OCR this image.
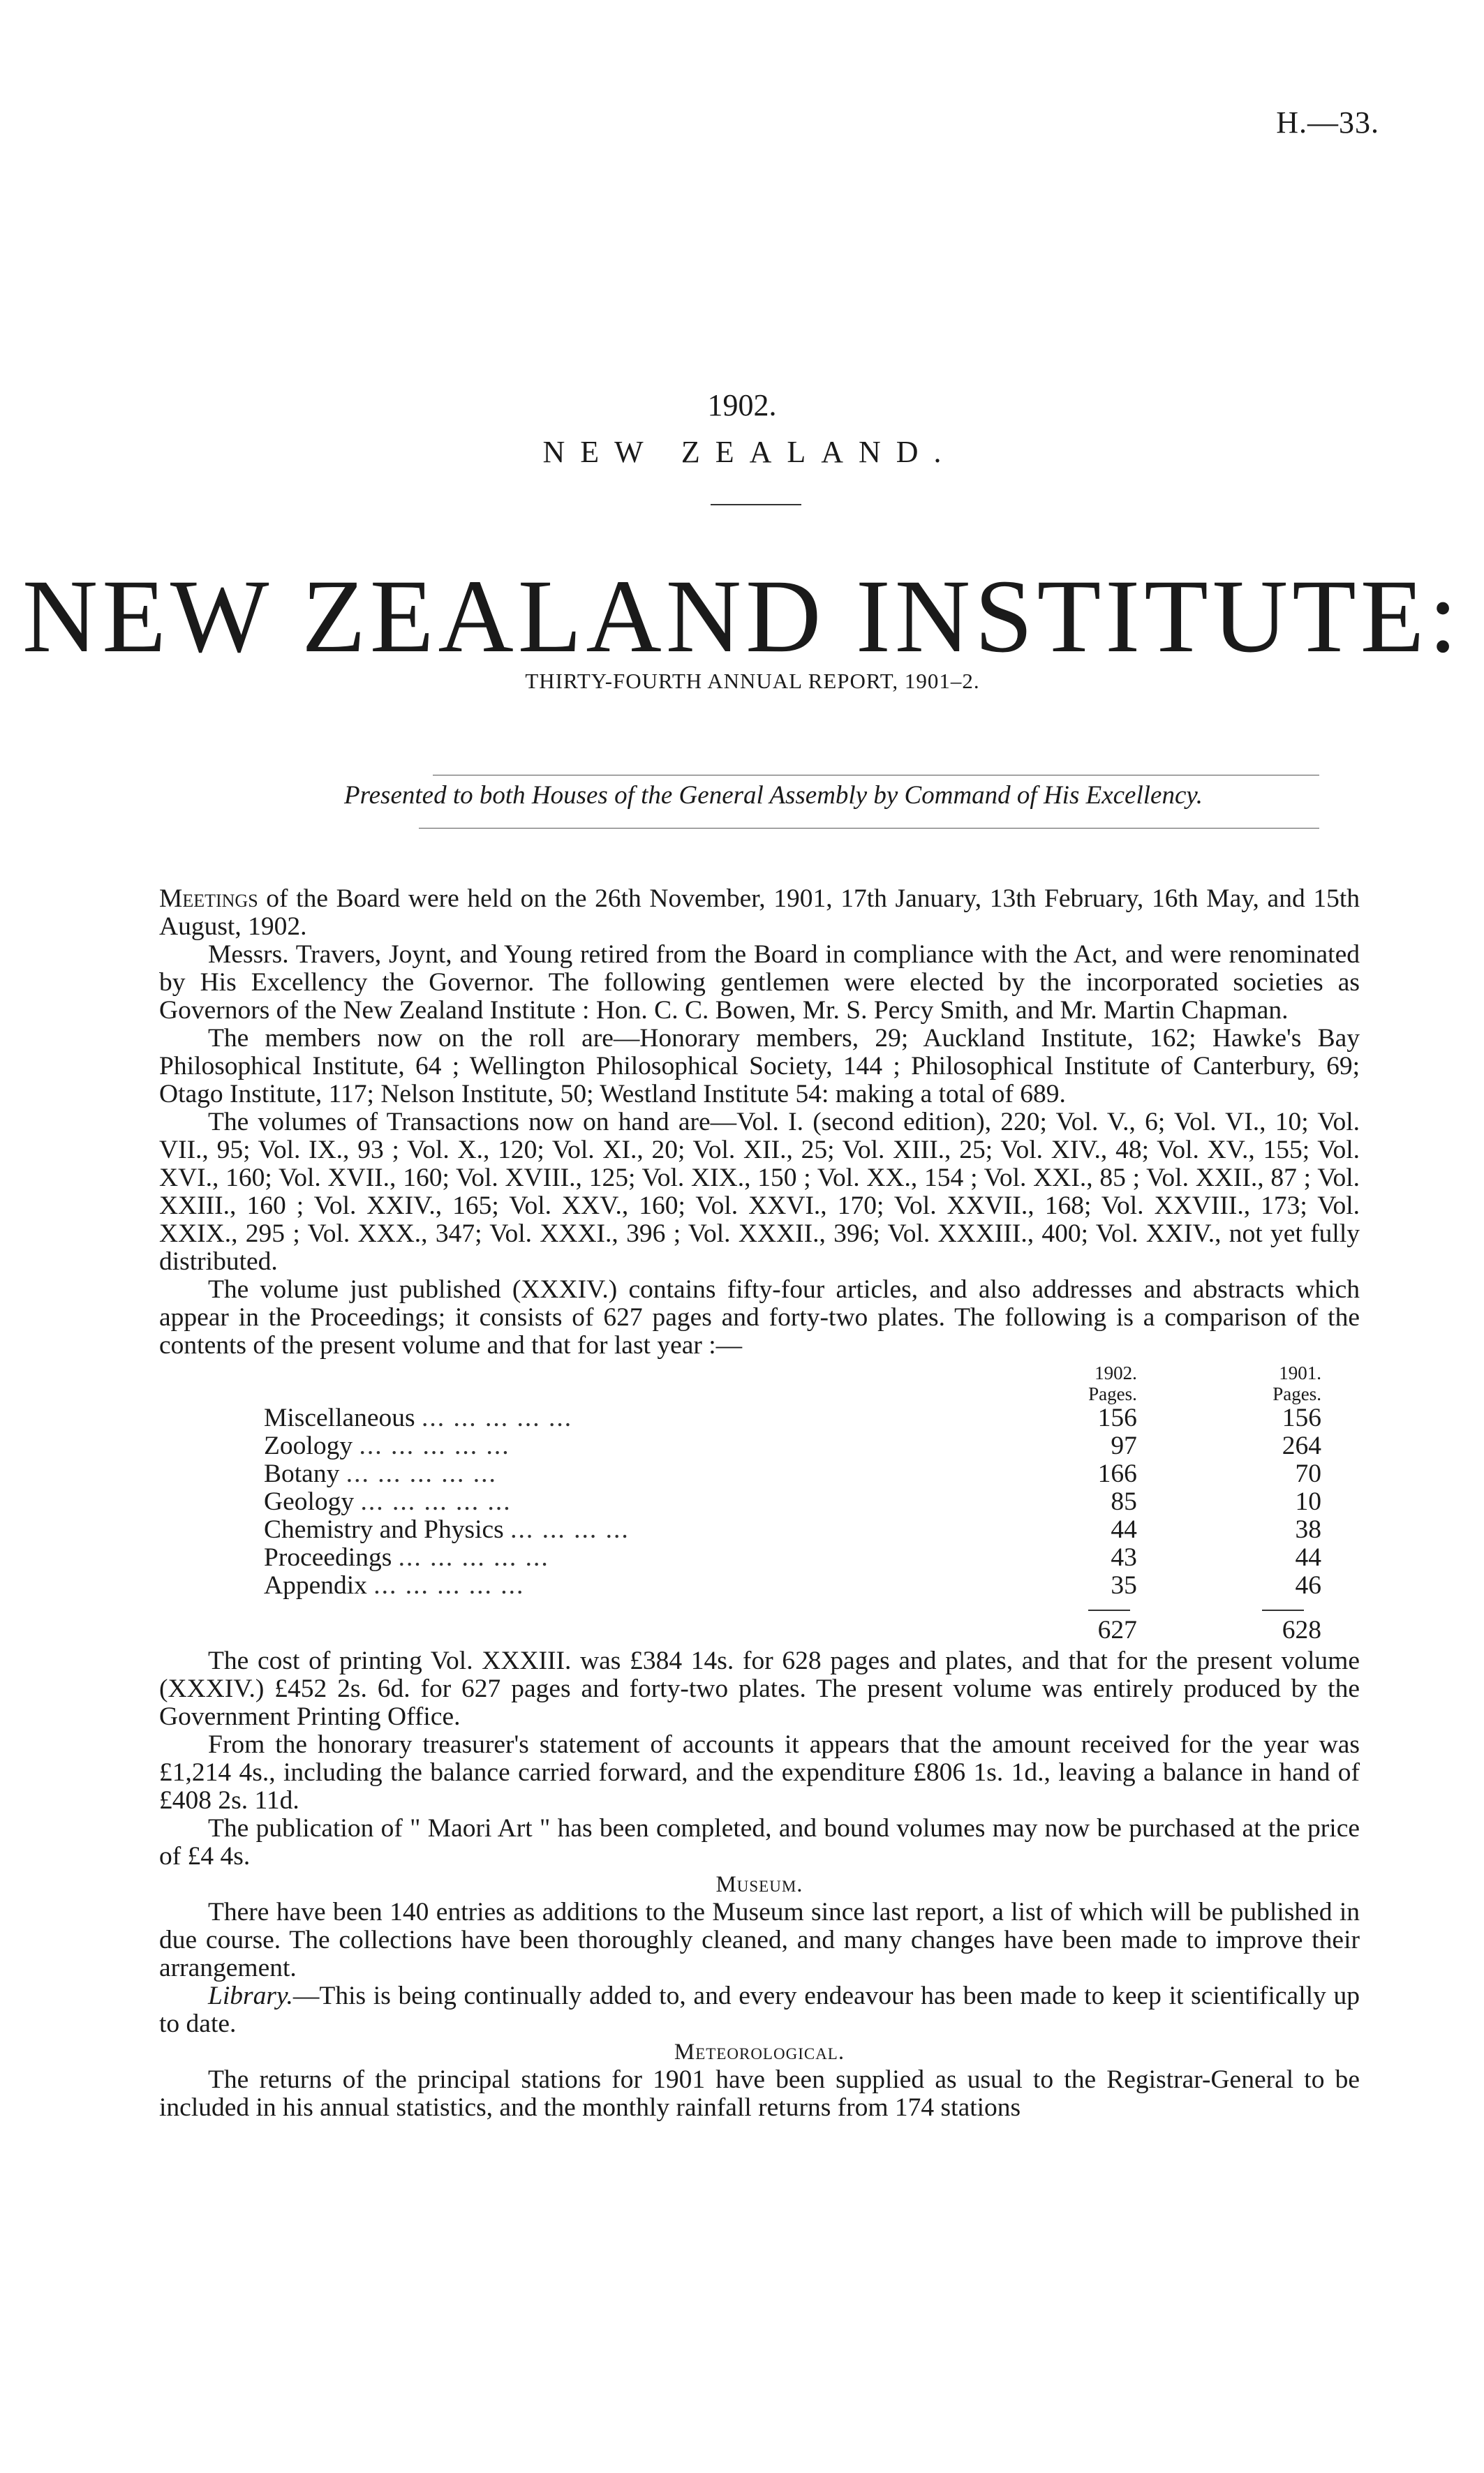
H.—33.
1902.
NEW ZEALAND.
NEW ZEALAND INSTITUTE:
THIRTY-FOURTH ANNUAL REPORT, 1901–2.
Presented to both Houses of the General Assembly by Command of His Excellency.

Meetings of the Board were held on the 26th November, 1901, 17th January, 13th February, 16th May, and 15th August, 1902.

Messrs. Travers, Joynt, and Young retired from the Board in compliance with the Act, and were renominated by His Excellency the Governor. The following gentlemen were elected by the incorporated societies as Governors of the New Zealand Institute : Hon. C. C. Bowen, Mr. S. Percy Smith, and Mr. Martin Chapman.

The members now on the roll are—Honorary members, 29; Auckland Institute, 162; Hawke's Bay Philosophical Institute, 64 ; Wellington Philosophical Society, 144 ; Philosophical Institute of Canterbury, 69; Otago Institute, 117; Nelson Institute, 50; Westland Institute 54: making a total of 689.

The volumes of Transactions now on hand are—Vol. I. (second edition), 220; Vol. V., 6; Vol. VI., 10; Vol. VII., 95; Vol. IX., 93 ; Vol. X., 120; Vol. XI., 20; Vol. XII., 25; Vol. XIII., 25; Vol. XIV., 48; Vol. XV., 155; Vol. XVI., 160; Vol. XVII., 160; Vol. XVIII., 125; Vol. XIX., 150 ; Vol. XX., 154 ; Vol. XXI., 85 ; Vol. XXII., 87 ; Vol. XXIII., 160 ; Vol. XXIV., 165; Vol. XXV., 160; Vol. XXVI., 170; Vol. XXVII., 168; Vol. XXVIII., 173; Vol. XXIX., 295 ; Vol. XXX., 347; Vol. XXXI., 396 ; Vol. XXXII., 396; Vol. XXXIII., 400; Vol. XXIV., not yet fully distributed.

The volume just published (XXXIV.) contains fifty-four articles, and also addresses and abstracts which appear in the Proceedings; it consists of 627 pages and forty-two plates. The following is a comparison of the contents of the present volume and that for last year :—

	1902.	1901.
	Pages.	Pages.
Miscellaneous ... ... ... ... ...	156	156
Zoology ... ... ... ... ...	97	264
Botany ... ... ... ... ...	166	70
Geology ... ... ... ... ...	85	10
Chemistry and Physics ... ... ... ...	44	38
Proceedings ... ... ... ... ...	43	44
Appendix ... ... ... ... ...	35	46

	627	628

The cost of printing Vol. XXXIII. was £384 14s. for 628 pages and plates, and that for the present volume (XXXIV.) £452 2s. 6d. for 627 pages and forty-two plates. The present volume was entirely produced by the Government Printing Office.

From the honorary treasurer's statement of accounts it appears that the amount received for the year was £1,214 4s., including the balance carried forward, and the expenditure £806 1s. 1d., leaving a balance in hand of £408 2s. 11d.

The publication of " Maori Art " has been completed, and bound volumes may now be purchased at the price of £4 4s.

Museum.

There have been 140 entries as additions to the Museum since last report, a list of which will be published in due course. The collections have been thoroughly cleaned, and many changes have been made to improve their arrangement.

Library.—This is being continually added to, and every endeavour has been made to keep it scientifically up to date.

Meteorological.

The returns of the principal stations for 1901 have been supplied as usual to the Registrar-General to be included in his annual statistics, and the monthly rainfall returns from 174 stations
